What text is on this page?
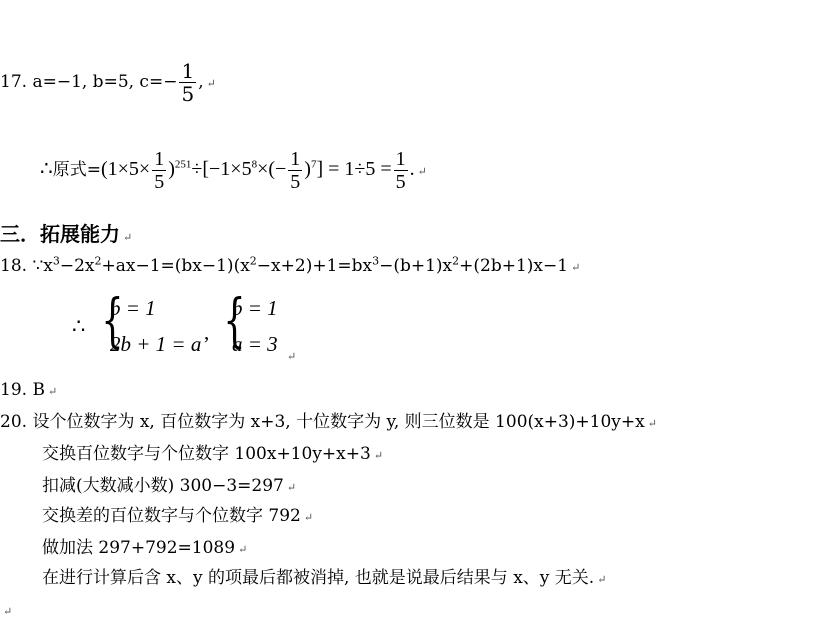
17. a=−1, b=5, $c=- \frac{1}{5}$ , ↵
∴原式$=(1\times 5\times \frac{1}{5} )^{251}\div[-1\times 5^8\times(- \frac{1}{5} )^7] = 1\div 5 = \frac{1}{5}$ . ↵
三．拓展能力 ↵
18. $\because x^3-2x^2+ax-1=(bx-1)(x^2-x+2)+1=bx^3-(b+1)x^2+(2b+1)x-1$ ↵
∴ {
b = 1
2b + 1 = a , {
b = 1
a = 3
↵
19. B ↵
20. 设个位数字为 x, 百位数字为 x+3, 十位数字为 y, 则三位数是 100(x+3)+10y+x ↵
交换百位数字与个位数字 100x+10y+x+3 ↵
扣减(大数减小数) 300−3=297 ↵
交换差的百位数字与个位数字 792 ↵
做加法 297+792=1089 ↵
在进行计算后含 x、y 的项最后都被消掉, 也就是说最后结果与 x、y 无关. ↵
↵
